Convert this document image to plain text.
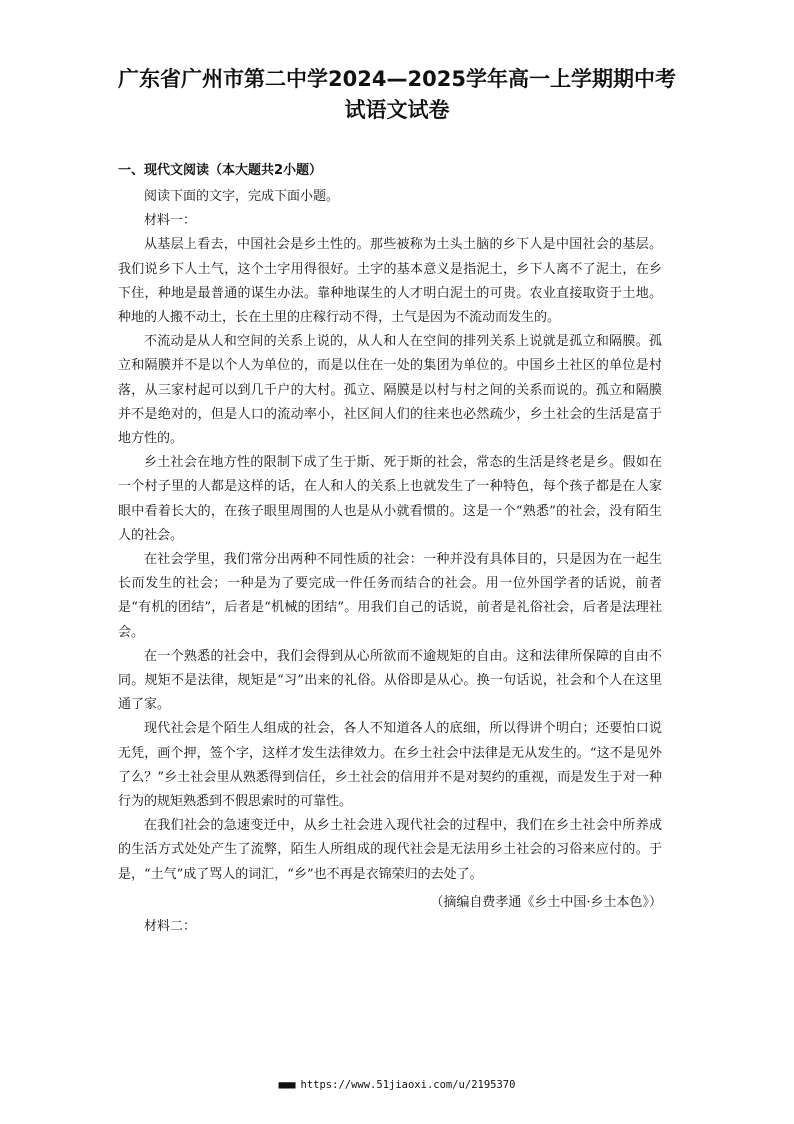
广东省广州市第二中学2024—2025学年高一上学期期中考
试语文试卷
一、现代文阅读（本大题共2小题）

阅读下面的文字，完成下面小题。

材料一：

从基层上看去，中国社会是乡土性的。那些被称为土头土脑的乡下人是中国社会的基层。我们说乡下人土气，这个土字用得很好。土字的基本意义是指泥土，乡下人离不了泥土，在乡下住，种地是最普通的谋生办法。靠种地谋生的人才明白泥土的可贵。农业直接取资于土地。种地的人搬不动土，长在土里的庄稼行动不得，土气是因为不流动而发生的。

不流动是从人和空间的关系上说的，从人和人在空间的排列关系上说就是孤立和隔膜。孤立和隔膜并不是以个人为单位的，而是以住在一处的集团为单位的。中国乡土社区的单位是村落，从三家村起可以到几千户的大村。孤立、隔膜是以村与村之间的关系而说的。孤立和隔膜并不是绝对的，但是人口的流动率小，社区间人们的往来也必然疏少，乡土社会的生活是富于地方性的。

乡土社会在地方性的限制下成了生于斯、死于斯的社会，常态的生活是终老是乡。假如在一个村子里的人都是这样的话，在人和人的关系上也就发生了一种特色，每个孩子都是在人家眼中看着长大的，在孩子眼里周围的人也是从小就看惯的。这是一个“熟悉”的社会，没有陌生人的社会。

在社会学里，我们常分出两种不同性质的社会：一种并没有具体目的，只是因为在一起生长而发生的社会；一种是为了要完成一件任务而结合的社会。用一位外国学者的话说，前者是“有机的团结”，后者是“机械的团结”。用我们自己的话说，前者是礼俗社会，后者是法理社会。

在一个熟悉的社会中，我们会得到从心所欲而不逾规矩的自由。这和法律所保障的自由不同。规矩不是法律，规矩是“习”出来的礼俗。从俗即是从心。换一句话说，社会和个人在这里通了家。

现代社会是个陌生人组成的社会，各人不知道各人的底细，所以得讲个明白；还要怕口说无凭，画个押，签个字，这样才发生法律效力。在乡土社会中法律是无从发生的。“这不是见外了么？”乡土社会里从熟悉得到信任，乡土社会的信用并不是对契约的重视，而是发生于对一种行为的规矩熟悉到不假思索时的可靠性。

在我们社会的急速变迁中，从乡土社会进入现代社会的过程中，我们在乡土社会中所养成的生活方式处处产生了流弊，陌生人所组成的现代社会是无法用乡土社会的习俗来应付的。于是，“土气”成了骂人的词汇，“乡”也不再是衣锦荣归的去处了。

（摘编自费孝通《乡土中国·乡土本色》）

材料二：

■■■ https://www.51jiaoxi.com/u/2195370
